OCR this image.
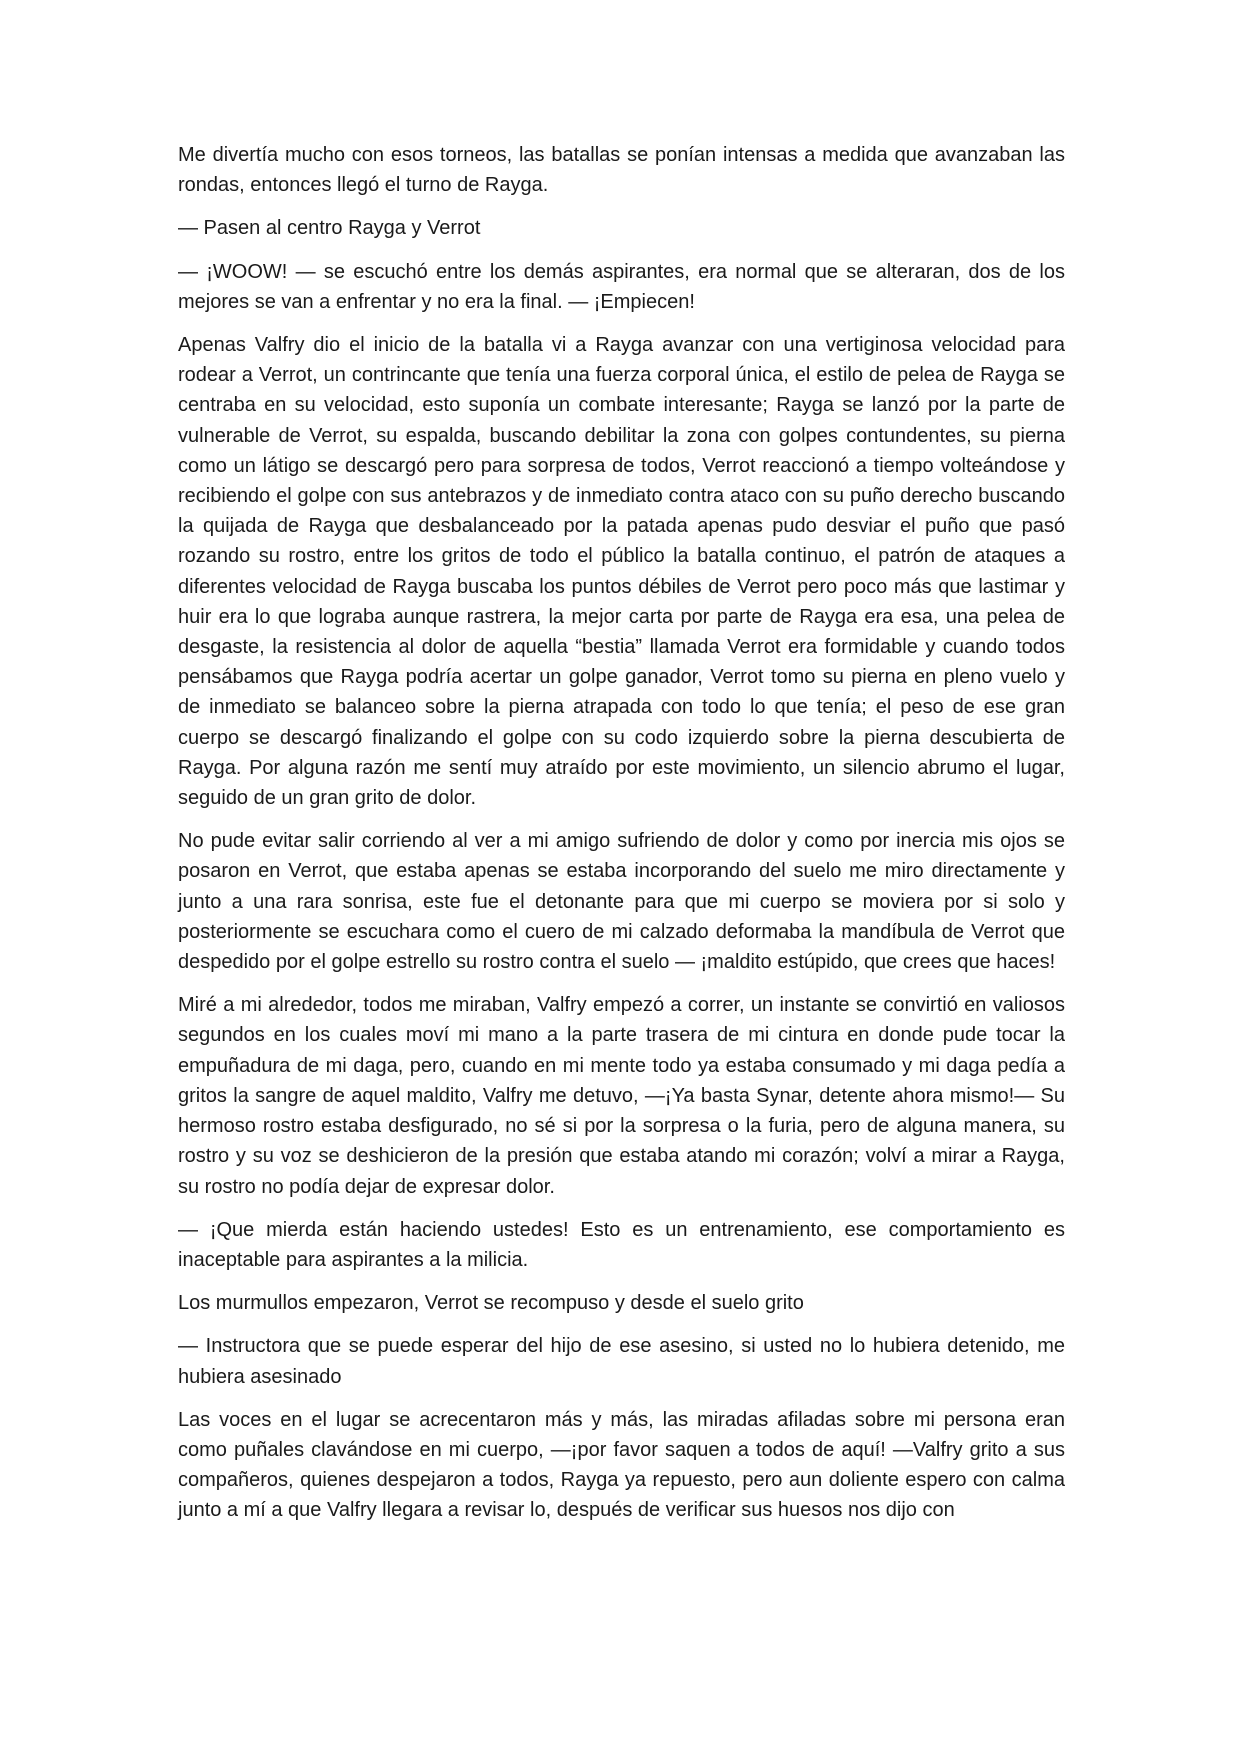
Me divertía mucho con esos torneos, las batallas se ponían intensas a medida que avanzaban las rondas, entonces llegó el turno de Rayga.

— Pasen al centro Rayga y Verrot

— ¡WOOW! — se escuchó entre los demás aspirantes, era normal que se alteraran, dos de los mejores se van a enfrentar y no era la final. — ¡Empiecen!

Apenas Valfry dio el inicio de la batalla vi a Rayga avanzar con una vertiginosa velocidad para rodear a Verrot, un contrincante que tenía una fuerza corporal única, el estilo de pelea de Rayga se centraba en su velocidad, esto suponía un combate interesante; Rayga se lanzó por la parte de vulnerable de Verrot, su espalda, buscando debilitar la zona con golpes contundentes, su pierna como un látigo se descargó pero para sorpresa de todos, Verrot reaccionó a tiempo volteándose y recibiendo el golpe con sus antebrazos y de inmediato contra ataco con su puño derecho buscando la quijada de Rayga que desbalanceado por la patada apenas pudo desviar el puño que pasó rozando su rostro, entre los gritos de todo el público la batalla continuo, el patrón de ataques a diferentes velocidad de Rayga buscaba los puntos débiles de Verrot pero poco más que lastimar y huir era lo que lograba aunque rastrera, la mejor carta por parte de Rayga era esa, una pelea de desgaste, la resistencia al dolor de aquella “bestia” llamada Verrot era formidable y cuando todos pensábamos que Rayga podría acertar un golpe ganador, Verrot tomo su pierna en pleno vuelo y de inmediato se balanceo sobre la pierna atrapada con todo lo que tenía; el peso de ese gran cuerpo se descargó finalizando el golpe con su codo izquierdo sobre la pierna descubierta de Rayga. Por alguna razón me sentí muy atraído por este movimiento, un silencio abrumo el lugar, seguido de un gran grito de dolor.

No pude evitar salir corriendo al ver a mi amigo sufriendo de dolor y como por inercia mis ojos se posaron en Verrot, que estaba apenas se estaba incorporando del suelo me miro directamente y junto a una rara sonrisa, este fue el detonante para que mi cuerpo se moviera por si solo y posteriormente se escuchara como el cuero de mi calzado deformaba la mandíbula de Verrot que despedido por el golpe estrello su rostro contra el suelo — ¡maldito estúpido, que crees que haces!

Miré a mi alrededor, todos me miraban, Valfry empezó a correr, un instante se convirtió en valiosos segundos en los cuales moví mi mano a la parte trasera de mi cintura en donde pude tocar la empuñadura de mi daga, pero, cuando en mi mente todo ya estaba consumado y mi daga pedía a gritos la sangre de aquel maldito, Valfry me detuvo, —¡Ya basta Synar, detente ahora mismo!— Su hermoso rostro estaba desfigurado, no sé si por la sorpresa o la furia, pero de alguna manera, su rostro y su voz se deshicieron de la presión que estaba atando mi corazón; volví a mirar a Rayga, su rostro no podía dejar de expresar dolor.

— ¡Que mierda están haciendo ustedes! Esto es un entrenamiento, ese comportamiento es inaceptable para aspirantes a la milicia.

Los murmullos empezaron, Verrot se recompuso y desde el suelo grito

— Instructora que se puede esperar del hijo de ese asesino, si usted no lo hubiera detenido, me hubiera asesinado

Las voces en el lugar se acrecentaron más y más, las miradas afiladas sobre mi persona eran como puñales clavándose en mi cuerpo, —¡por favor saquen a todos de aquí! —Valfry grito a sus compañeros, quienes despejaron a todos, Rayga ya repuesto, pero aun doliente espero con calma junto a mí a que Valfry llegara a revisar lo, después de verificar sus huesos nos dijo con
